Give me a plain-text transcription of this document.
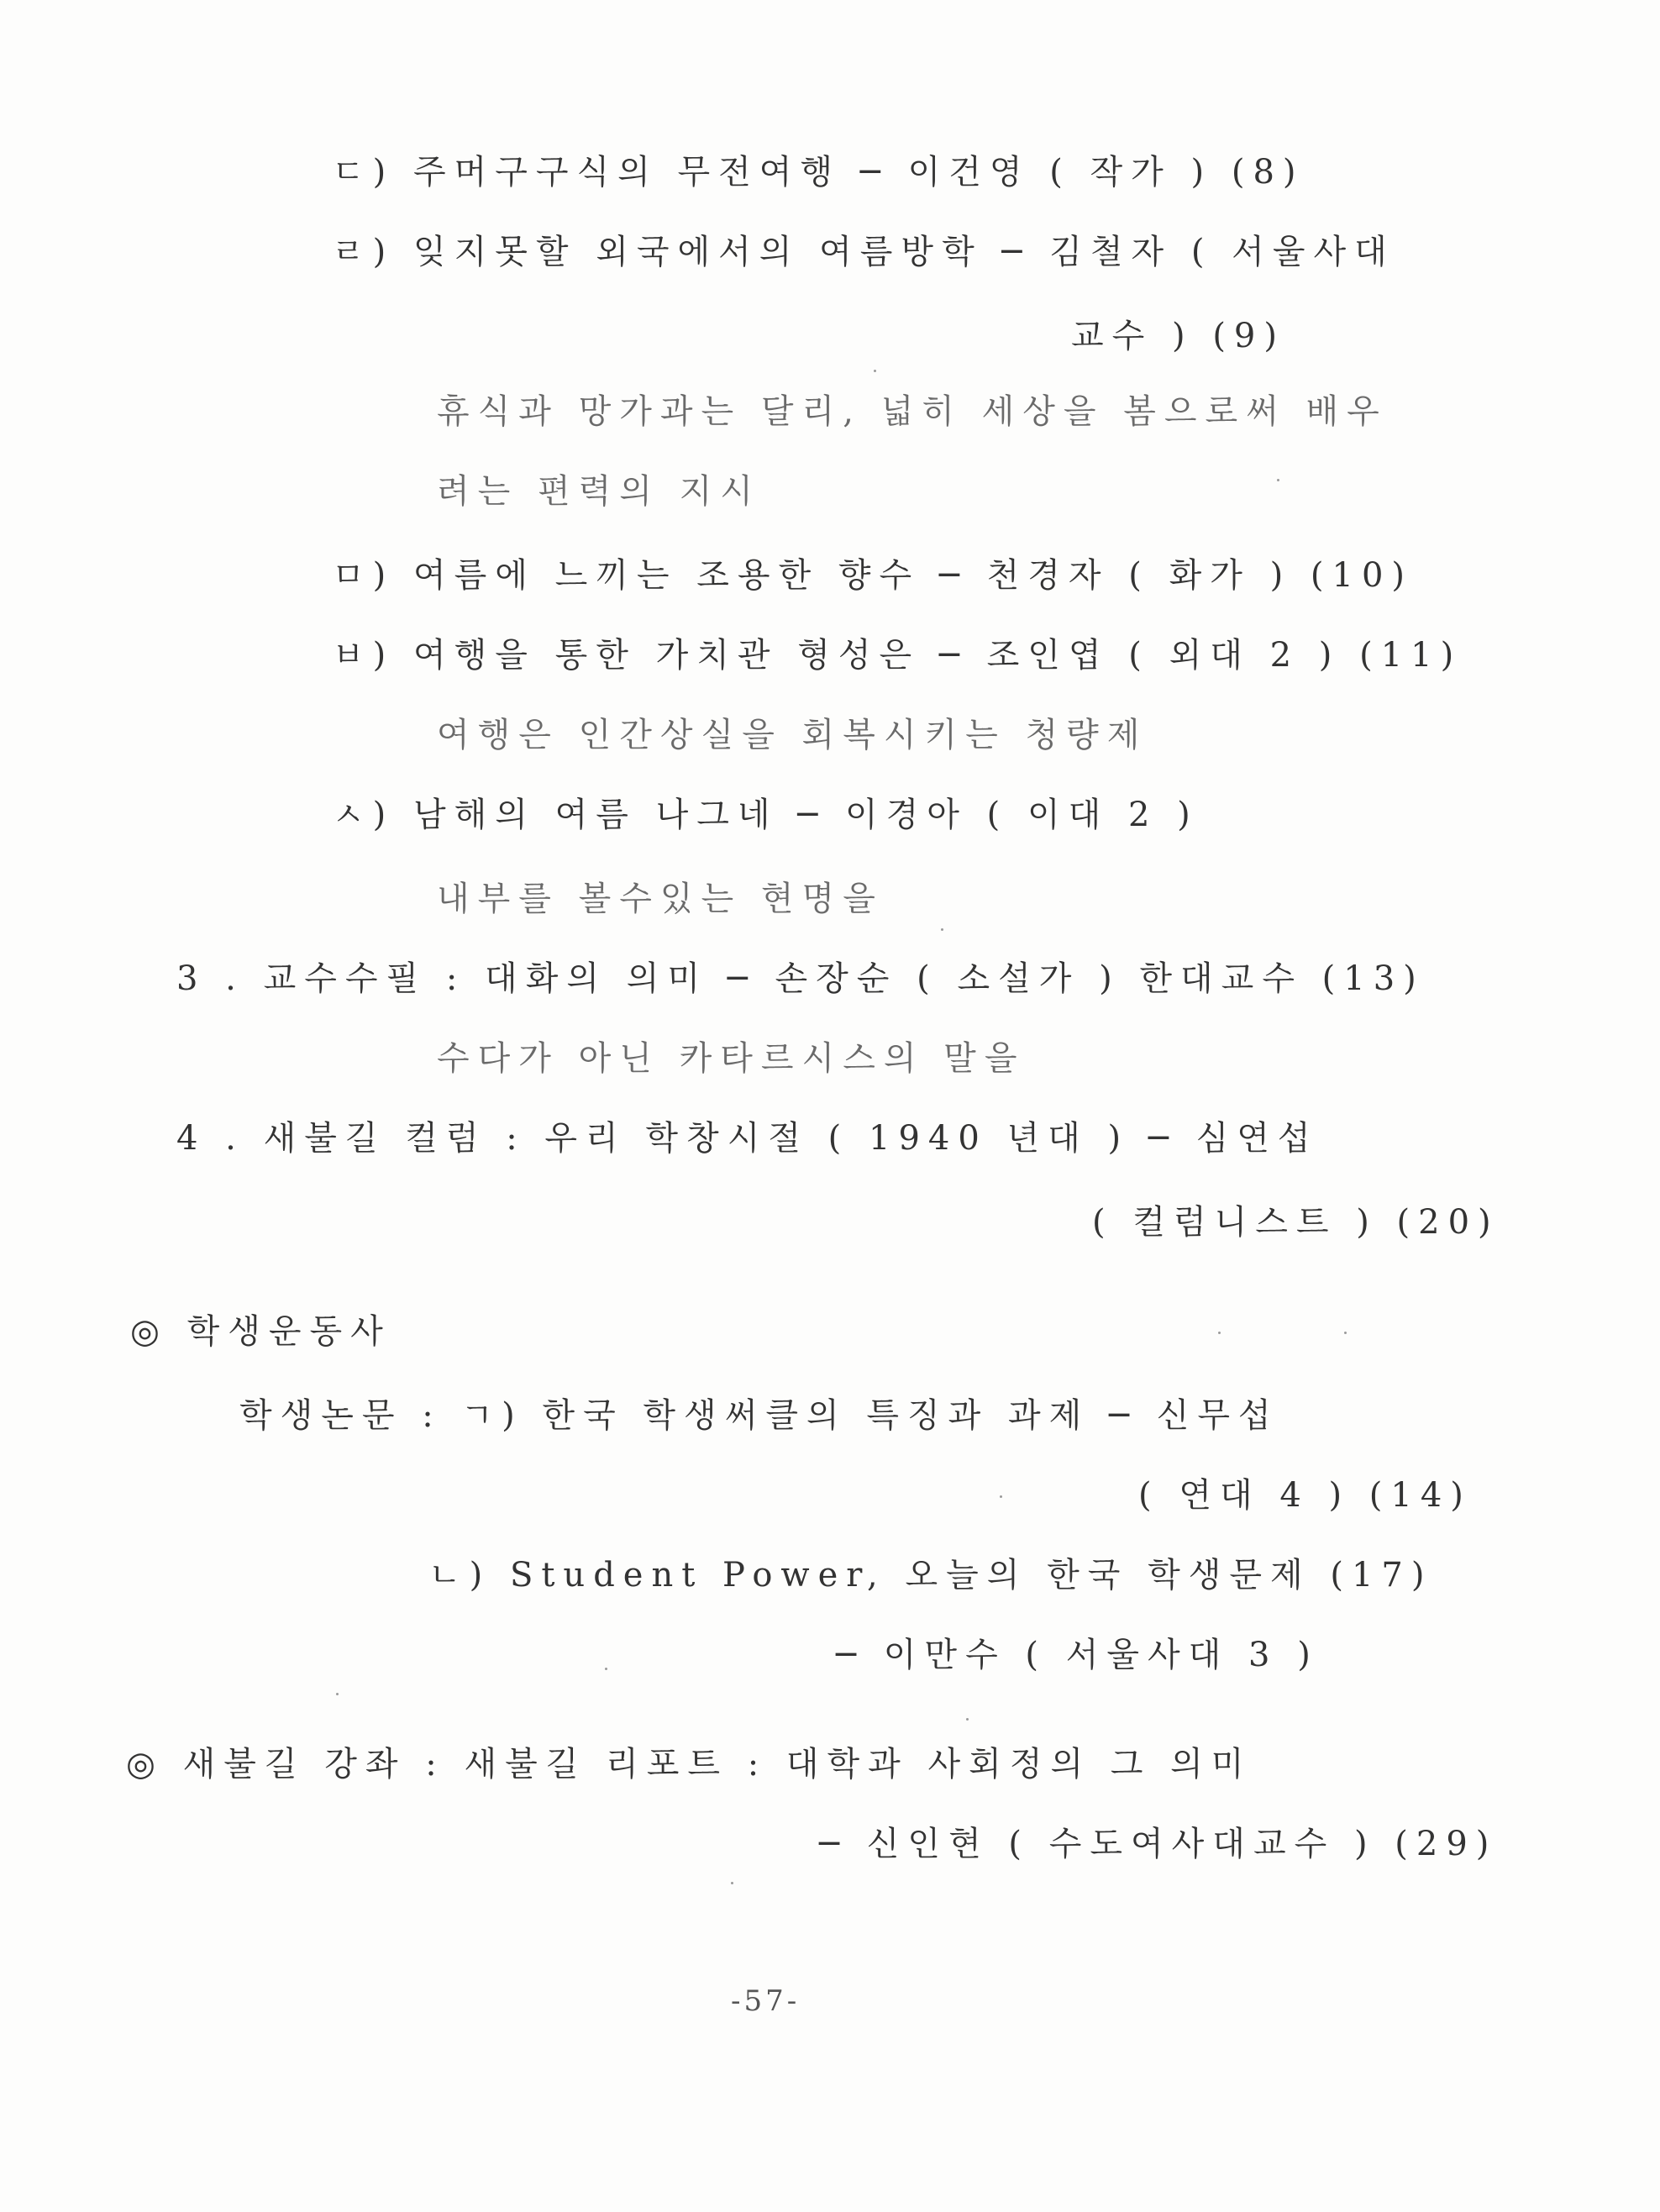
ㄷ) 주머구구식의 무전여행 ─ 이건영 ( 작가 ) (8)
ㄹ) 잊지못할 외국에서의 여름방학 ─ 김철자 ( 서울사대
교수 ) (9)
휴식과 망가과는 달리, 넓히 세상을 봄으로써 배우
려는 편력의 지시
ㅁ) 여름에 느끼는 조용한 향수 ─ 천경자 ( 화가 ) (10)
ㅂ) 여행을 통한 가치관 형성은 ─ 조인엽 ( 외대 2 ) (11)
여행은 인간상실을 회복시키는 청량제
ㅅ) 남해의 여름 나그네 ─ 이경아 ( 이대 2 )
내부를 볼수있는 현명을
3 . 교수수필 : 대화의 의미 ─ 손장순 ( 소설가 ) 한대교수 (13)
수다가 아닌 카타르시스의 말을
4 . 새불길 컬럼 : 우리 학창시절 ( 1940 년대 ) ─ 심연섭
( 컬럼니스트 ) (20)
◎ 학생운동사
학생논문 : ㄱ) 한국 학생써클의 특징과 과제 ─ 신무섭
( 연대 4 ) (14)
ㄴ) Student Power, 오늘의 한국 학생문제 (17)
─ 이만수 ( 서울사대 3 )
◎ 새불길 강좌 : 새불길 리포트 : 대학과 사회정의 그 의미
─ 신인현 ( 수도여사대교수 ) (29)
-57-
